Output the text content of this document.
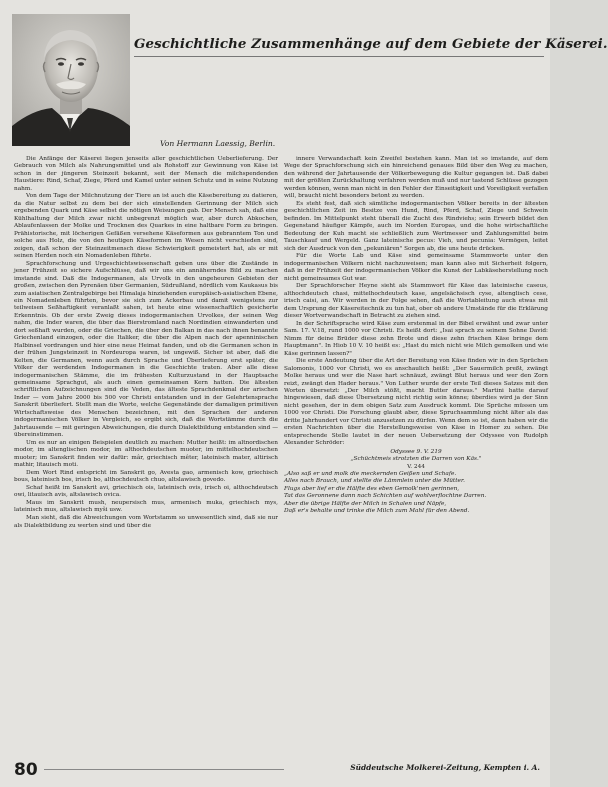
Geschichtliche Zusammenhänge auf dem Gebiete der Käserei.
Von Hermann Laessig, Berlin.

Die Anfänge der Käserei liegen jenseits aller geschichtlichen Ueberlieferung. Der Gebrauch von Milch als Nahrungsmittel und als Rohstoff zur Gewinnung von Käse ist schon in der jüngeren Steinzeit bekannt, seit der Mensch die milchspendenden Haustiere: Rind, Schaf, Ziege, Pferd und Kamel unter seinen Schutz und in seine Nutzung nahm.

Von dem Tage der Milchnutzung der Tiere an ist auch die Käsebereitung zu datieren, da die Natur selbst zu dem bei der sich einstellenden Gerinnung der Milch sich ergebenden Quark und Käse selbst die nötigen Weisungen gab. Der Mensch sah, daß eine Kühlhaltung der Milch zwar nicht unbegrenzt möglich war, aber durch Abkochen, Ablaufenlassen der Molke und Trocknen des Quarkes in eine haltbare Form zu bringen. Prähistorische, mit löcherigen Gefäßen versehene Käseformen aus gebranntem Ton und solche aus Holz, die von den heutigen Käseformen im Wesen nicht verschieden sind, zeigen, daß schon der Steinzeitmensch diese Schwierigkeit gemeistert hat, als er mit seinen Herden noch ein Nomadenleben führte.

Sprachforschung und Urgeschichtswissenschaft geben uns über die Zustände in jener Frühzeit so sichere Aufschlüsse, daß wir uns ein annäherndes Bild zu machen imstande sind. Daß die Indogermanen, als Urvolk in den ungeheuren Gebieten der großen, zwischen den Pyrenäen über Germanien, Südrußland, nördlich vom Kaukasus bis zum asiatischen Zentralgebirge bei Himalaja hinziehenden europäisch-asiatischen Ebene, ein Nomadenleben führten, bevor sie sich zum Ackerbau und damit wenigstens zur teilweisen Seßhaftigkeit veranlaßt sahen, ist heute eine wissenschaftlich gesicherte Erkenntnis. Ob der erste Zweig dieses indogermanischen Urvolkes, der seinen Weg nahm, die Inder waren, die über das Bierstromland nach Nordindien einwanderten und dort seßhaft wurden, oder die Griechen, die über den Balkan in das nach ihnen benannte Griechenland einzogen, oder die Italiker, die über die Alpen nach der apenninischen Halbinsel vordrangen und hier eine neue Heimat fanden, und ob die Germanen schon in der frühen Jungsteinzeit in Nordeuropa waren, ist ungewiß. Sicher ist aber, daß die Kelten, die Germanen, wenn auch durch Sprache und Überlieferung erst später, die Völker der werdenden Indogermanen in die Geschichte traten. Aber alle diese indogermanischen Stämme, die im frühesten Kulturzustand in der Hauptsache gemeinsame Sprachgut, als auch einen gemeinsamen Kern hatten. Die ältesten schriftlichen Aufzeichnungen sind die Veden, das älteste Sprachdenkmal der arischen Inder — vom Jahre 2000 bis 500 vor Christi entstanden und in der Gelehrtensprache Sanskrit überliefert. Stellt man die Worte, welche Gegenstände der damaligen primitiven Wirtschaftsweise des Menschen bezeichnen, mit den Sprachen der anderen indogermanischen Völker in Vergleich, so ergibt sich, daß die Wortstämme durch die Jahrtausende — mit geringen Abweichungen, die durch Dialektbildung entstanden sind — übereinstimmen.

Um es nur an einigen Beispielen deutlich zu machen: Mutter heißt: im altnordischen modor, im altenglischen modor, im althochdeutschen muoter, im mittelhochdeutschen muoter; im Sanskrit finden wir dafür: mâr, griechisch mêter, lateinisch mater, altirisch mathir, litauisch moti.

Dem Wort Rind entspricht im Sanskrit go, Avesta gao, armenisch kow, griechisch bous, lateinisch bos, irisch bo, althochdeutsch chuo, altslawisch govedo.

Schaf heißt im Sanskrit avi, griechisch ois, lateinisch ovis, irisch oi, althochdeutsch owi, litauisch avis, altslawisch ovica.

Maus im Sanskrit mush, neupersisch mus, armenisch muka, griechisch mys, lateinisch mus, altslawisch myši usw.

Man sieht, daß die Abweichungen vom Wortstamm so unwesentlich sind, daß sie nur als Dialektbildung zu werten sind und über die

innere Verwandschaft kein Zweifel bestehen kann. Man ist so imstande, auf dem Wege der Sprachforschung sich ein hinreichend genaues Bild über den Weg zu machen, den während der Jahrtausende der Völkerbewegung die Kultur gegangen ist. Daß dabei mit der größten Zurückhaltung verfahren werden muß und nur tastend Schlüsse gezogen werden können, wenn man nicht in den Fehler der Einseitigkeit und Voreiligkeit verfallen will, braucht nicht besonders betont zu werden.

Es steht fest, daß sich sämtliche indogermanischen Völker bereits in der ältesten geschichtlichen Zeit im Besitze von Hund, Rind, Pferd, Schaf, Ziege und Schwein befinden. Im Mittelpunkt steht überall die Zucht des Rindviehs; sein Erwerb bildet den Gegenstand häufiger Kämpfe, auch im Norden Europas, und die hohe wirtschaftliche Bedeutung der Kuh macht sie schließlich zum Wertmesser und Zahlungsmittel beim Tauschkauf und Wergeld. Ganz lateinische pecus: Vieh, und pecunia: Vermögen, leitet sich der Ausdruck von den „pekuniären" Sorgen ab, die uns heute drücken.

Für die Worte Lab und Käse sind gemeinsame Stammworte unter den indogermanischen Völkern nicht nachzuweisen; man kann also mit Sicherheit folgern, daß in der Frühzeit der indogermanischen Völker die Kunst der Labkäseherstellung noch nicht gemeinsames Gut war.

Der Sprachforscher Heyne sieht als Stammwort für Käse das lateinische caseus, althochdeutsch chasi, mittelhochdeutsch kase, angelsächsisch cyse, altenglisch cese, irisch caisi, an. Wir werden in der Folge sehen, daß die Wortableitung auch etwas mit dem Ursprung der Käsereitechnik zu tun hat, ober ob andere Umstände für die Erklärung dieser Wortverwandschaft in Betracht zu ziehen sind.

In der Schriftsprache wird Käse zum erstenmal in der Bibel erwähnt und zwar unter Sam. 17. V.18, rund 1000 vor Christi. Es heißt dort: „Isai sprach zu seinem Sohne David: Nimm für deine Brüder diese zehn Brote und diese zehn frischen Käse bringe dem Hauptmann". In Hiob 10 V. 10 heißt es: „Hast du mich nicht wie Milch gemolken und wie Käse gerinnen lassen?"

Die erste Andeutung über die Art der Bereitung von Käse finden wir in den Sprüchen Salomonis, 1000 vor Christi, wo es anschaulich heißt: „Der Sauermilch preßt, zwängt Molke heraus und wer die Nase hart schnäuzt, zwängt Blut heraus und wer den Zorn reizt, zwängt den Hader heraus." Von Luther wurde der erste Teil dieses Satzes mit den Worten übersetzt: „Der Milch stößt, macht Butter daraus." Martini hatte darauf hingewiesen, daß diese Übersetzung nicht richtig sein könne; überdies wird ja der Sinn nicht gesehen, der in dem obigen Satz zum Ausdruck kommt. Die Sprüche müssen um 1000 vor Christi. Die Forschung glaubt aber, diese Spruchsammlung nicht älter als das dritte Jahrhundert vor Christi anzusetzen zu dürfen. Wenn dem so ist, dann haben wir die ersten Nachrichten über die Herstellungsweise von Käse in Homer zu sehen. Die entsprechende Stelle lautet in der neuen Uebersetzung der Odyssee von Rudolph Alexander Schröder:

Odyssee 9. V. 219
„Schüchtmeis strotzten die Darren von Käs."
V. 244
„Also saß er und molk die meckernden Geißen und Schafe.
Alles nach Brauch, und stellte die Lämmlein unter die Mütter.
Flugs aber lief er die Hälfte des eben Gemolk'nen gerinnen,
Tat das Geronnene dann nach Schichten auf wohlverflochtne Darren.
Aber die übrige Hälfte der Milch in Schalen und Näpfe,
Daß er's behalte und trinke die Milch zum Mahl für den Abend.
80	Süddeutsche Molkerei-Zeitung, Kempten i. A.
